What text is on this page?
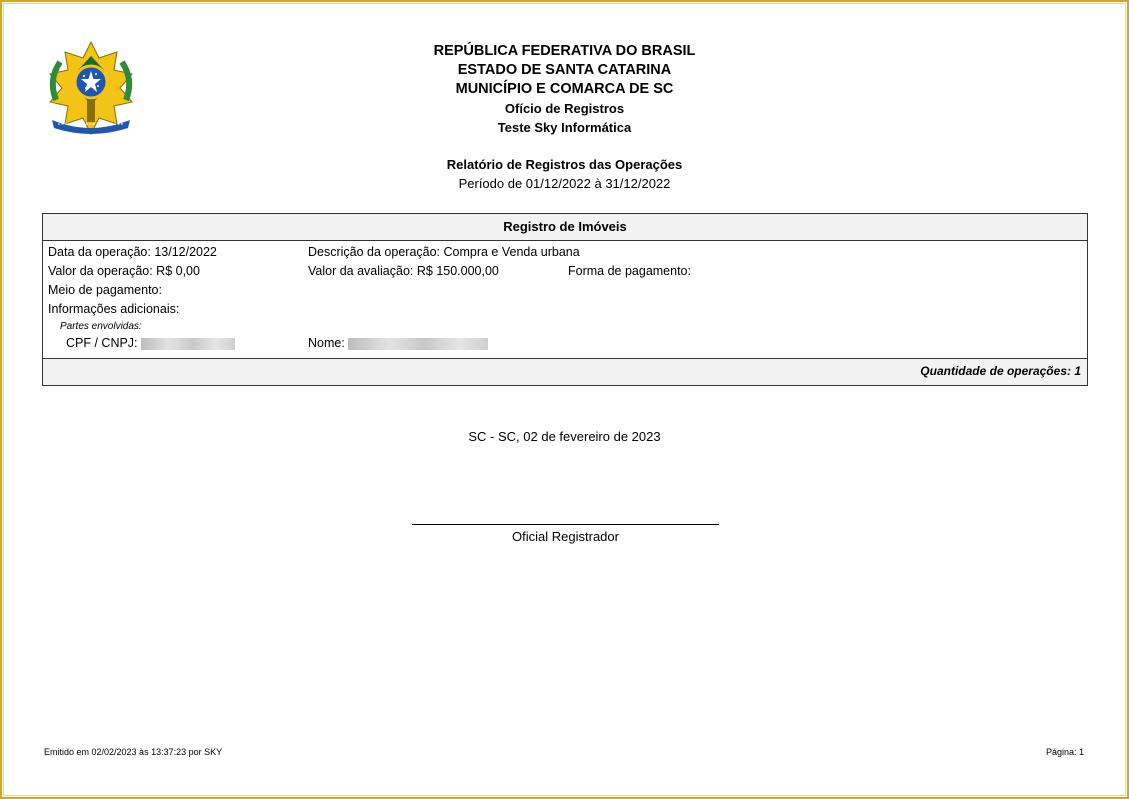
REPÚBLICA FEDERATIVA DO BRASIL
ESTADO DE SANTA CATARINA
MUNICÍPIO E COMARCA DE SC
Ofício de Registros
Teste Sky Informática
Relatório de Registros das Operações
Período de 01/12/2022 à 31/12/2022
Registro de Imóveis
Data da operação: 13/12/2022	Descrição da operação: Compra e Venda urbana
Valor da operação: R$ 0,00	Valor da avaliação: R$ 150.000,00	Forma de pagamento:
Meio de pagamento:
Informações adicionais:
Partes envolvidas:
CPF / CNPJ:	Nome:
Quantidade de operações: 1
SC - SC, 02 de fevereiro de 2023
Oficial Registrador
Emitido em 02/02/2023 às 13:37:23 por SKY	Página: 1
